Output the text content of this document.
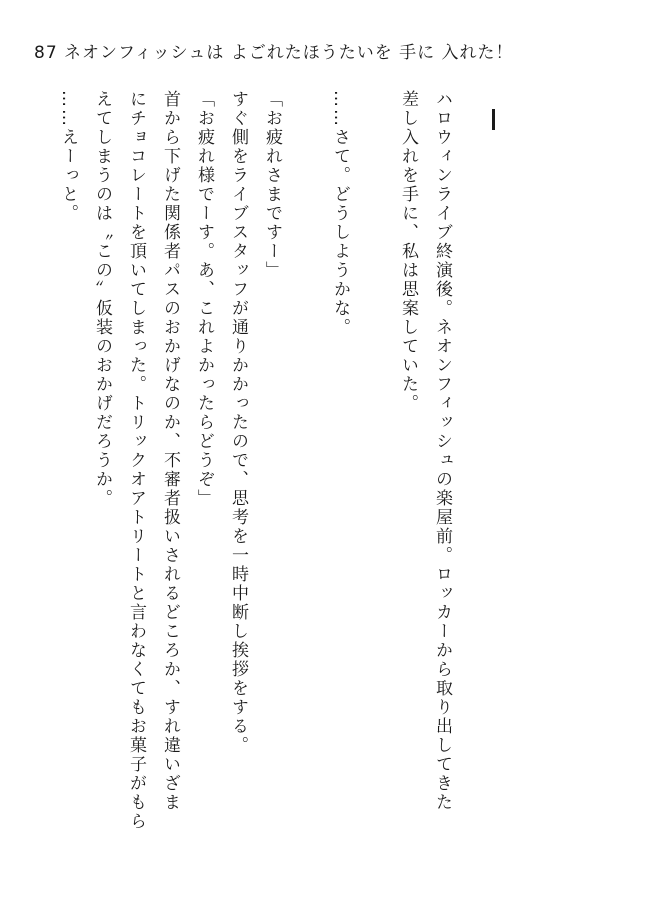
87 ネオンフィッシュは よごれたほうたいを 手に 入れた！
ハロウィンライブ終演後。ネオンフィッシュの楽屋前。ロッカーから取り出してきた
差し入れを手に、私は思案していた。
……さて。どうしようかな。
「お疲れさまですー」
すぐ側をライブスタッフが通りかかったので、思考を一時中断し挨拶をする。
「お疲れ様でーす。あ、これよかったらどうぞ」
首から下げた関係者パスのおかげなのか、不審者扱いされるどころか、すれ違いざま
にチョコレートを頂いてしまった。トリックオアトリートと言わなくてもお菓子がもら
えてしまうのは〝この〟仮装のおかげだろうか。
……えーっと。
